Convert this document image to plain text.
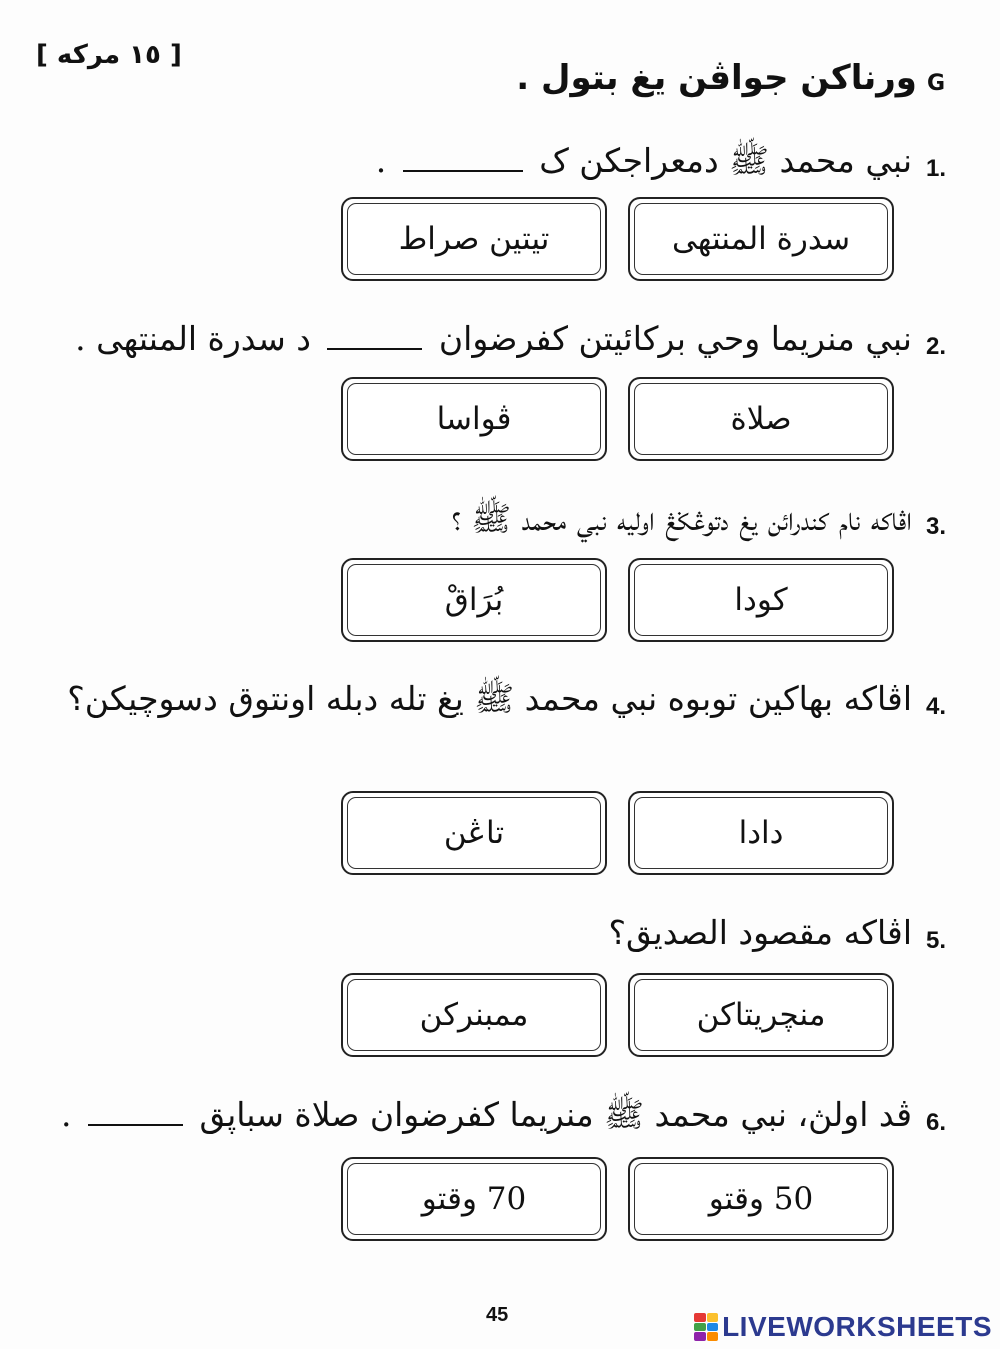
[ ١٥ مرکه ]
G
ورناکن جواڤن يغ بتول .
1.
نبي محمد ﷺ دمعراجکن ک  .
سدرة المنتهى
تيتين صراط
2.
نبي منريما وحي برکائيتن کفرضوان  د سدرة المنتهى .
صلاة
ڤواسا
3.
اڤاکه نام کندرائن يغ دتوڠڬڠ اوليه نبي محمد ﷺ ؟
کودا
بُرَاقْ
4.
اڤاکه بهاکين توبوه نبي محمد ﷺ يغ تله دبله اونتوق دسوچيکن؟
دادا
تاڠن
5.
اڤاکه مقصود الصديق؟
منچريتاکن
ممبنرکن
6.
ڤد اولڽ، نبي محمد ﷺ منريما کفرضوان صلاة سباڽق  .
50 وقتو
70 وقتو
45	LIVEWORKSHEETS
